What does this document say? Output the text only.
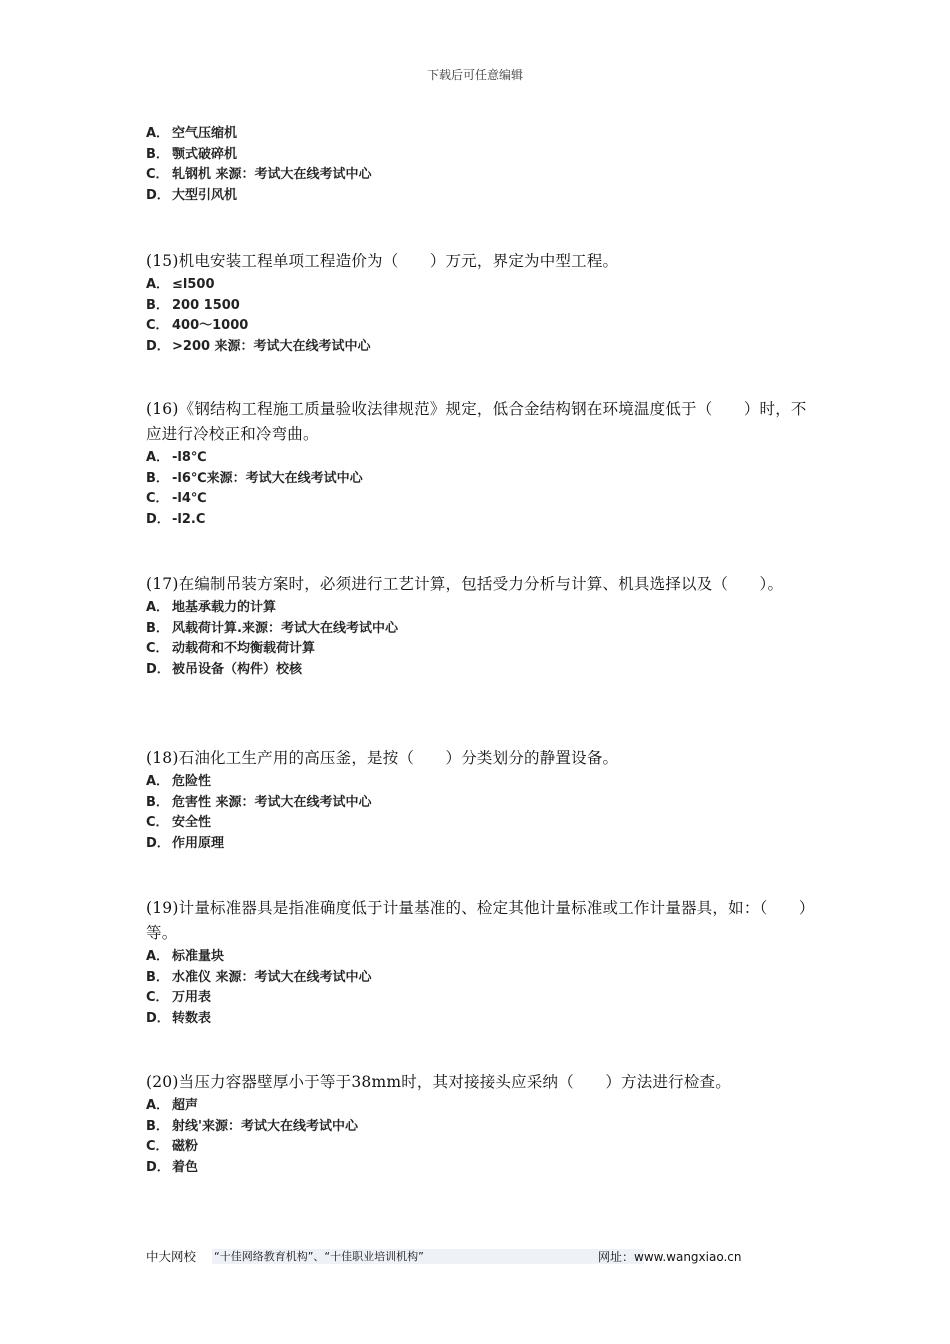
下载后可任意编辑
A． 空气压缩机
B． 颚式破碎机
C． 轧钢机 来源：考试大在线考试中心
D． 大型引风机
(15)机电安装工程单项工程造价为（　　）万元，界定为中型工程。
A． ≤l500
B． 200 1500
C． 400～1000
D． >200 来源：考试大在线考试中心
(16)《钢结构工程施工质量验收法律规范》规定，低合金结构钢在环境温度低于（　　）时，不应进行冷校正和冷弯曲。
A． -l8℃
B． -l6℃来源：考试大在线考试中心
C． -l4℃
D． -l2.C
(17)在编制吊装方案时，必须进行工艺计算，包括受力分析与计算、机具选择以及（　　）。
A． 地基承载力的计算
B． 风载荷计算.来源：考试大在线考试中心
C． 动载荷和不均衡载荷计算
D． 被吊设备（构件）校核
(18)石油化工生产用的高压釜，是按（　　）分类划分的静置设备。
A． 危险性
B． 危害性 来源：考试大在线考试中心
C． 安全性
D． 作用原理
(19)计量标准器具是指准确度低于计量基准的、检定其他计量标准或工作计量器具，如：（　　）等。
A． 标准量块
B． 水准仪 来源：考试大在线考试中心
C． 万用表
D． 转数表
(20)当压力容器壁厚小于等于38mm时，其对接接头应采纳（　　）方法进行检查。
A． 超声
B． 射线'来源：考试大在线考试中心
C． 磁粉
D． 着色
中大网校 “十佳网络教育机构”、“十佳职业培训机构”	网址：www.wangxiao.cn
